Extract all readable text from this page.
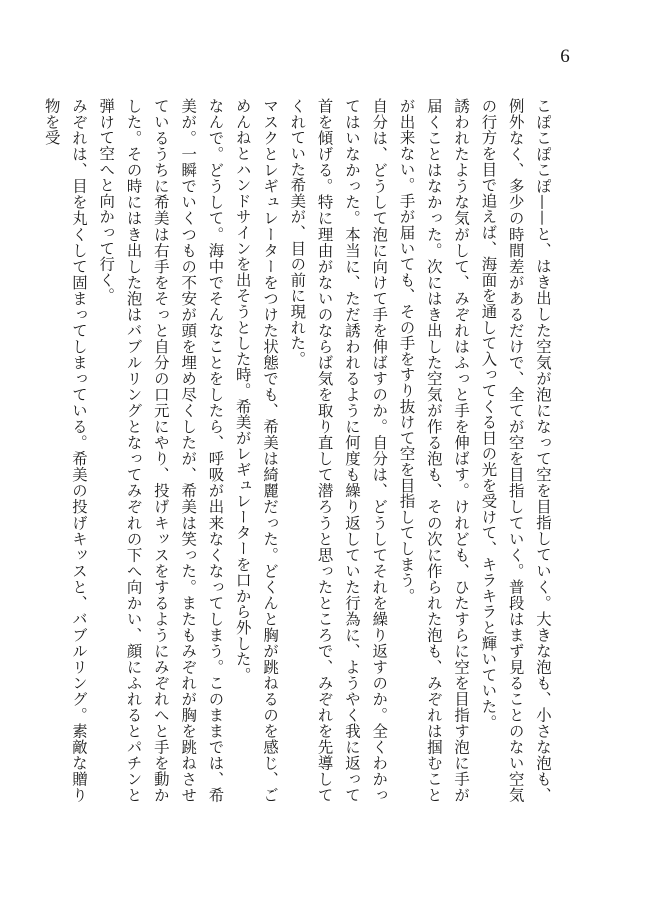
6

こぽこぽこぽ——と、はき出した空気が泡になって空を目指していく。大きな泡も、小さな泡も、例外なく、多少の時間差があるだけで、全てが空を目指していく。普段はまず見ることのない空気の行方を目で追えば、海面を通して入ってくる日の光を受けて、キラキラと輝いていた。

誘われたような気がして、みぞれはふっと手を伸ばす。けれども、ひたすらに空を目指す泡に手が届くことはなかった。次にはき出した空気が作る泡も、その次に作られた泡も、みぞれは掴むことが出来ない。手が届いても、その手をすり抜けて空を目指してしまう。

自分は、どうして泡に向けて手を伸ばすのか。自分は、どうしてそれを繰り返すのか。全くわかってはいなかった。本当に、ただ誘われるように何度も繰り返していた行為に、ようやく我に返って首を傾げる。特に理由がないのならば気を取り直して潜ろうと思ったところで、みぞれを先導してくれていた希美が、目の前に現れた。

マスクとレギュレーターをつけた状態でも、希美は綺麗だった。どくんと胸が跳ねるのを感じ、ごめんねとハンドサインを出そうとした時。希美がレギュレーターを口から外した。

なんで。どうして。海中でそんなことをしたら、呼吸が出来なくなってしまう。このままでは、希美が。一瞬でいくつもの不安が頭を埋め尽くしたが、希美は笑った。またもみぞれが胸を跳ねさせているうちに希美は右手をそっと自分の口元にやり、投げキッスをするようにみぞれへと手を動かした。その時にはき出した泡はバブルリングとなってみぞれの下へ向かい、顔にふれるとパチンと弾けて空へと向かって行く。

みぞれは、目を丸くして固まってしまっている。希美の投げキッスと、バブルリング。素敵な贈り物を受
